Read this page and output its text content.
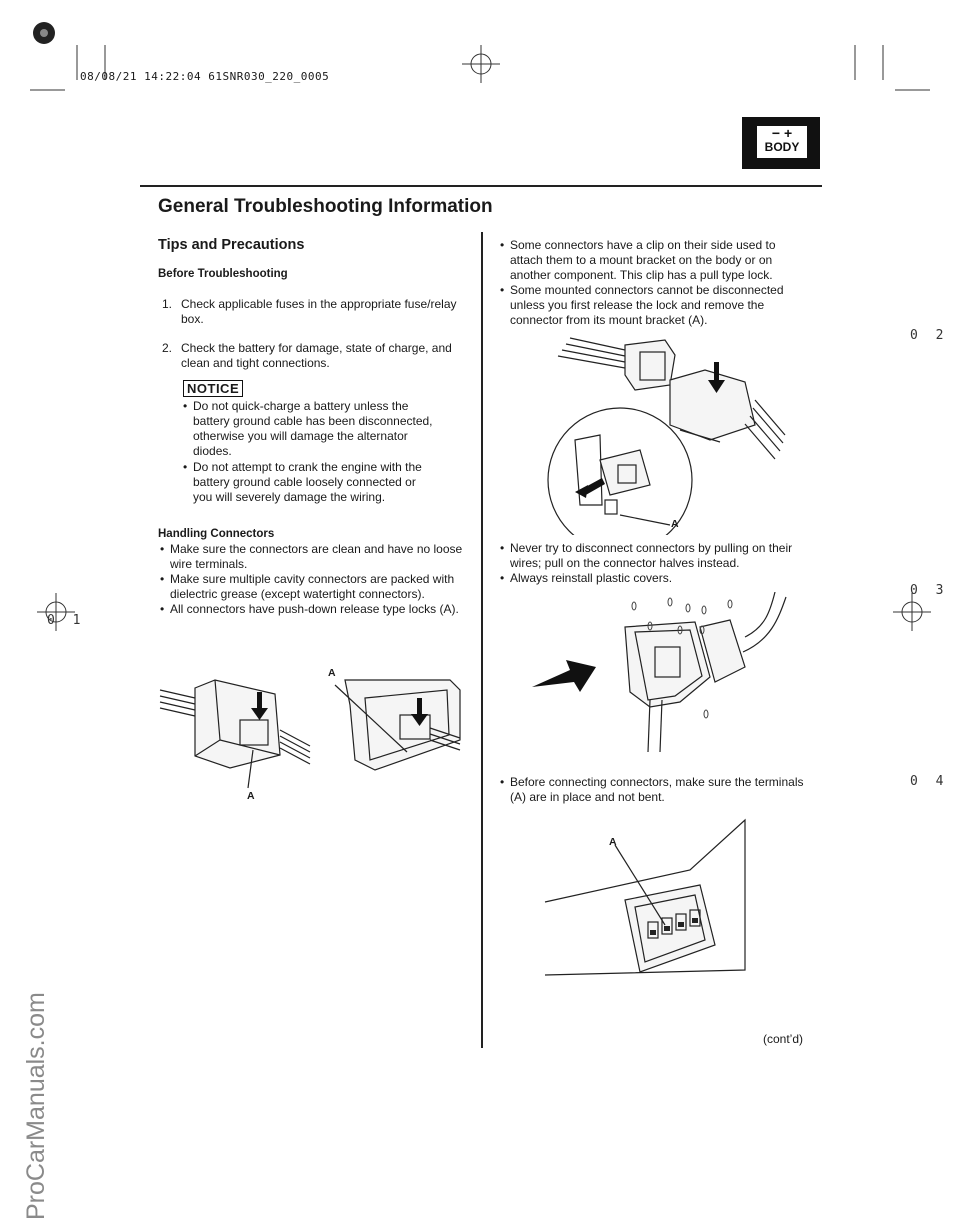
ProCarManuals.com
08/08/21 14:22:04 61SNR030_220_0005
− +
BODY
General Troubleshooting Information
Tips and Precautions
Before Troubleshooting
1. Check applicable fuses in the appropriate fuse/relay box.
2. Check the battery for damage, state of charge, and clean and tight connections.
NOTICE
• Do not quick-charge a battery unless the battery ground cable has been disconnected, otherwise you will damage the alternator diodes.
• Do not attempt to crank the engine with the battery ground cable loosely connected or you will severely damage the wiring.
Handling Connectors
• Make sure the connectors are clean and have no loose wire terminals.
• Make sure multiple cavity connectors are packed with dielectric grease (except watertight connectors).
• All connectors have push-down release type locks (A).
A
A
• Some connectors have a clip on their side used to attach them to a mount bracket on the body or on another component. This clip has a pull type lock.
• Some mounted connectors cannot be disconnected unless you first release the lock and remove the connector from its mount bracket (A).
A
• Never try to disconnect connectors by pulling on their wires; pull on the connector halves instead.
• Always reinstall plastic covers.
• Before connecting connectors, make sure the terminals (A) are in place and not bent.
A
(cont’d)
0 2
0 3
0 4
0 1
